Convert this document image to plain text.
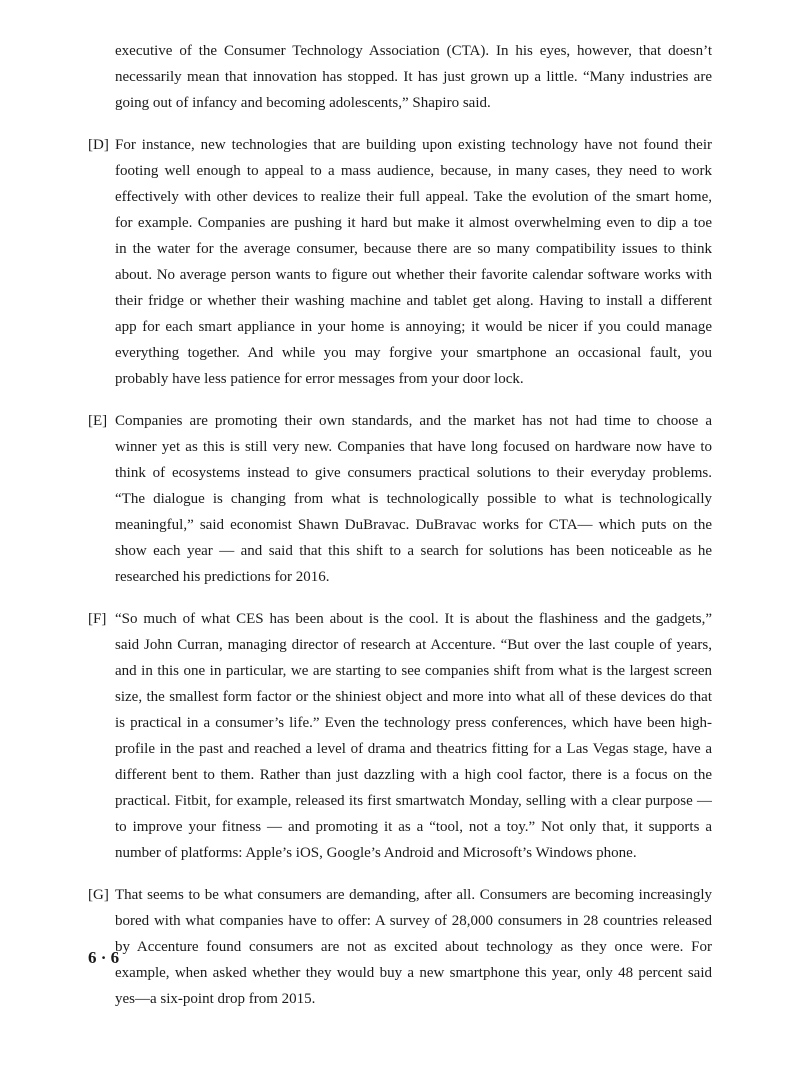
executive of the Consumer Technology Association (CTA). In his eyes, however, that doesn’t
necessarily mean that innovation has stopped. It has just grown up a little. “Many industries are
going out of infancy and becoming adolescents,” Shapiro said.
[D] For instance, new technologies that are building upon existing technology have not found their
footing well enough to appeal to a mass audience, because, in many cases, they need to work
effectively with other devices to realize their full appeal. Take the evolution of the smart home,
for example. Companies are pushing it hard but make it almost overwhelming even to dip a toe
in the water for the average consumer, because there are so many compatibility issues to think
about. No average person wants to figure out whether their favorite calendar software works with
their fridge or whether their washing machine and tablet get along. Having to install a different
app for each smart appliance in your home is annoying; it would be nicer if you could manage
everything together. And while you may forgive your smartphone an occasional fault, you
probably have less patience for error messages from your door lock.
[E] Companies are promoting their own standards, and the market has not had time to choose a
winner yet as this is still very new. Companies that have long focused on hardware now have to
think of ecosystems instead to give consumers practical solutions to their everyday problems.
“The dialogue is changing from what is technologically possible to what is technologically
meaningful,” said economist Shawn DuBravac. DuBravac works for CTA— which puts on the
show each year — and said that this shift to a search for solutions has been noticeable as he
researched his predictions for 2016.
[F] “So much of what CES has been about is the cool. It is about the flashiness and the gadgets,”
said John Curran, managing director of research at Accenture. “But over the last couple of years,
and in this one in particular, we are starting to see companies shift from what is the largest screen
size, the smallest form factor or the shiniest object and more into what all of these devices do that
is practical in a consumer’s life.” Even the technology press conferences, which have been high-
profile in the past and reached a level of drama and theatrics fitting for a Las Vegas stage, have a
different bent to them. Rather than just dazzling with a high cool factor, there is a focus on the
practical. Fitbit, for example, released its first smartwatch Monday, selling with a clear purpose —
to improve your fitness — and promoting it as a “tool, not a toy.” Not only that, it supports a
number of platforms: Apple’s iOS, Google’s Android and Microsoft’s Windows phone.
[G] That seems to be what consumers are demanding, after all. Consumers are becoming increasingly
bored with what companies have to offer: A survey of 28,000 consumers in 28 countries released
by Accenture found consumers are not as excited about technology as they once were. For
example, when asked whether they would buy a new smartphone this year, only 48 percent said
yes—a six-point drop from 2015.
6 · 6
